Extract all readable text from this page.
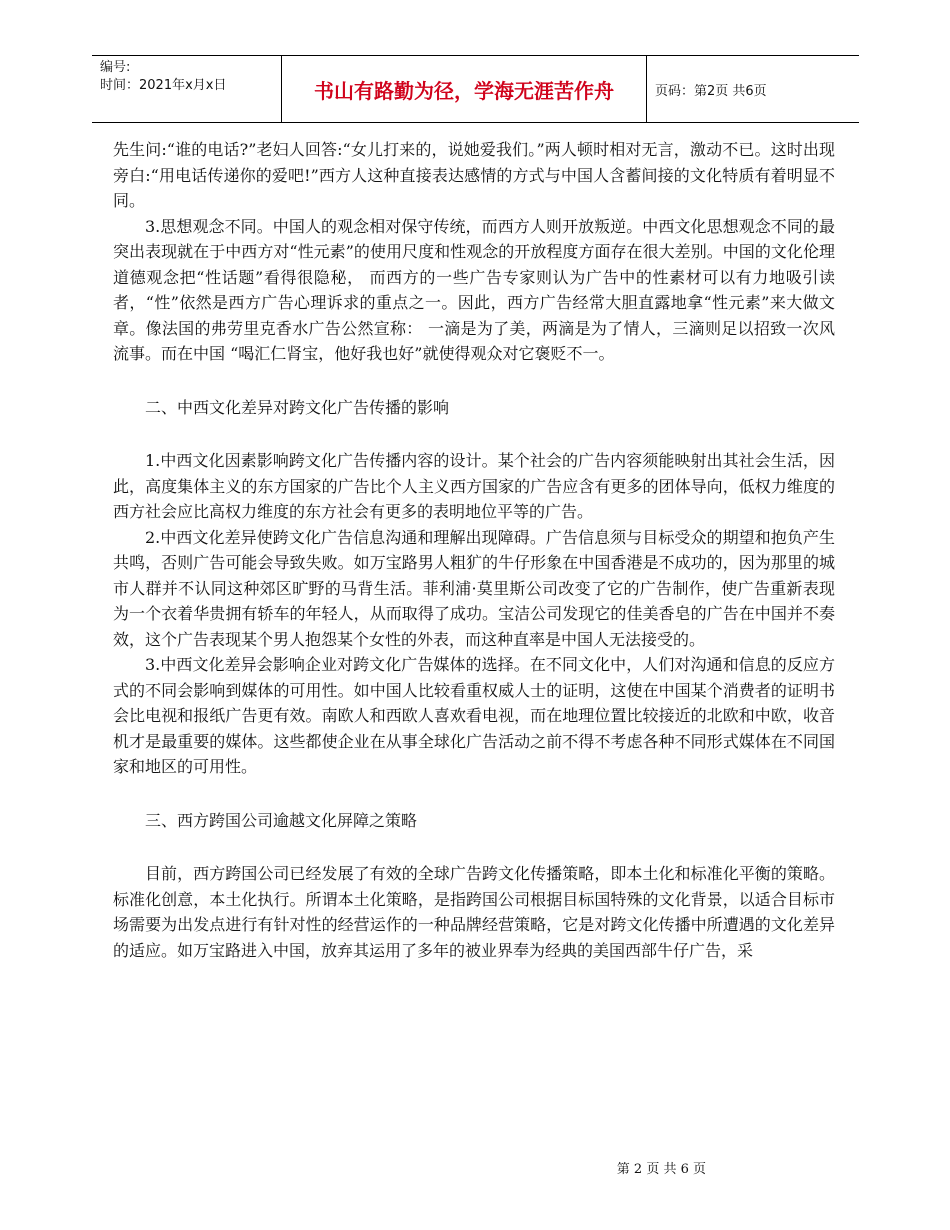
编号:
时间：2021年x月x日	书山有路勤为径，学海无涯苦作舟	页码：第2页 共6页

先生问:“谁的电话?”老妇人回答:“女儿打来的，说她爱我们。”两人顿时相对无言，激动不已。这时出现旁白:“用电话传递你的爱吧!”西方人这种直接表达感情的方式与中国人含蓄间接的文化特质有着明显不同。

3.思想观念不同。中国人的观念相对保守传统，而西方人则开放叛逆。中西文化思想观念不同的最突出表现就在于中西方对“性元素”的使用尺度和性观念的开放程度方面存在很大差别。中国的文化伦理道德观念把“性话题”看得很隐秘， 而西方的一些广告专家则认为广告中的性素材可以有力地吸引读者，“性”依然是西方广告心理诉求的重点之一。因此，西方广告经常大胆直露地拿“性元素”来大做文章。像法国的弗劳里克香水广告公然宣称： 一滴是为了美，两滴是为了情人，三滴则足以招致一次风流事。而在中国 “喝汇仁肾宝，他好我也好”就使得观众对它褒贬不一。

二、中西文化差异对跨文化广告传播的影响

1.中西文化因素影响跨文化广告传播内容的设计。某个社会的广告内容须能映射出其社会生活，因此，高度集体主义的东方国家的广告比个人主义西方国家的广告应含有更多的团体导向，低权力维度的西方社会应比高权力维度的东方社会有更多的表明地位平等的广告。

2.中西文化差异使跨文化广告信息沟通和理解出现障碍。广告信息须与目标受众的期望和抱负产生共鸣，否则广告可能会导致失败。如万宝路男人粗犷的牛仔形象在中国香港是不成功的，因为那里的城市人群并不认同这种郊区旷野的马背生活。菲利浦·莫里斯公司改变了它的广告制作，使广告重新表现为一个衣着华贵拥有轿车的年轻人，从而取得了成功。宝洁公司发现它的佳美香皂的广告在中国并不奏效，这个广告表现某个男人抱怨某个女性的外表，而这种直率是中国人无法接受的。

3.中西文化差异会影响企业对跨文化广告媒体的选择。在不同文化中，人们对沟通和信息的反应方式的不同会影响到媒体的可用性。如中国人比较看重权威人士的证明，这使在中国某个消费者的证明书会比电视和报纸广告更有效。南欧人和西欧人喜欢看电视，而在地理位置比较接近的北欧和中欧，收音机才是最重要的媒体。这些都使企业在从事全球化广告活动之前不得不考虑各种不同形式媒体在不同国家和地区的可用性。

三、西方跨国公司逾越文化屏障之策略

目前，西方跨国公司已经发展了有效的全球广告跨文化传播策略，即本土化和标准化平衡的策略。标准化创意，本土化执行。所谓本土化策略，是指跨国公司根据目标国特殊的文化背景，以适合目标市场需要为出发点进行有针对性的经营运作的一种品牌经营策略，它是对跨文化传播中所遭遇的文化差异的适应。如万宝路进入中国，放弃其运用了多年的被业界奉为经典的美国西部牛仔广告，采

第 2 页 共 6 页
